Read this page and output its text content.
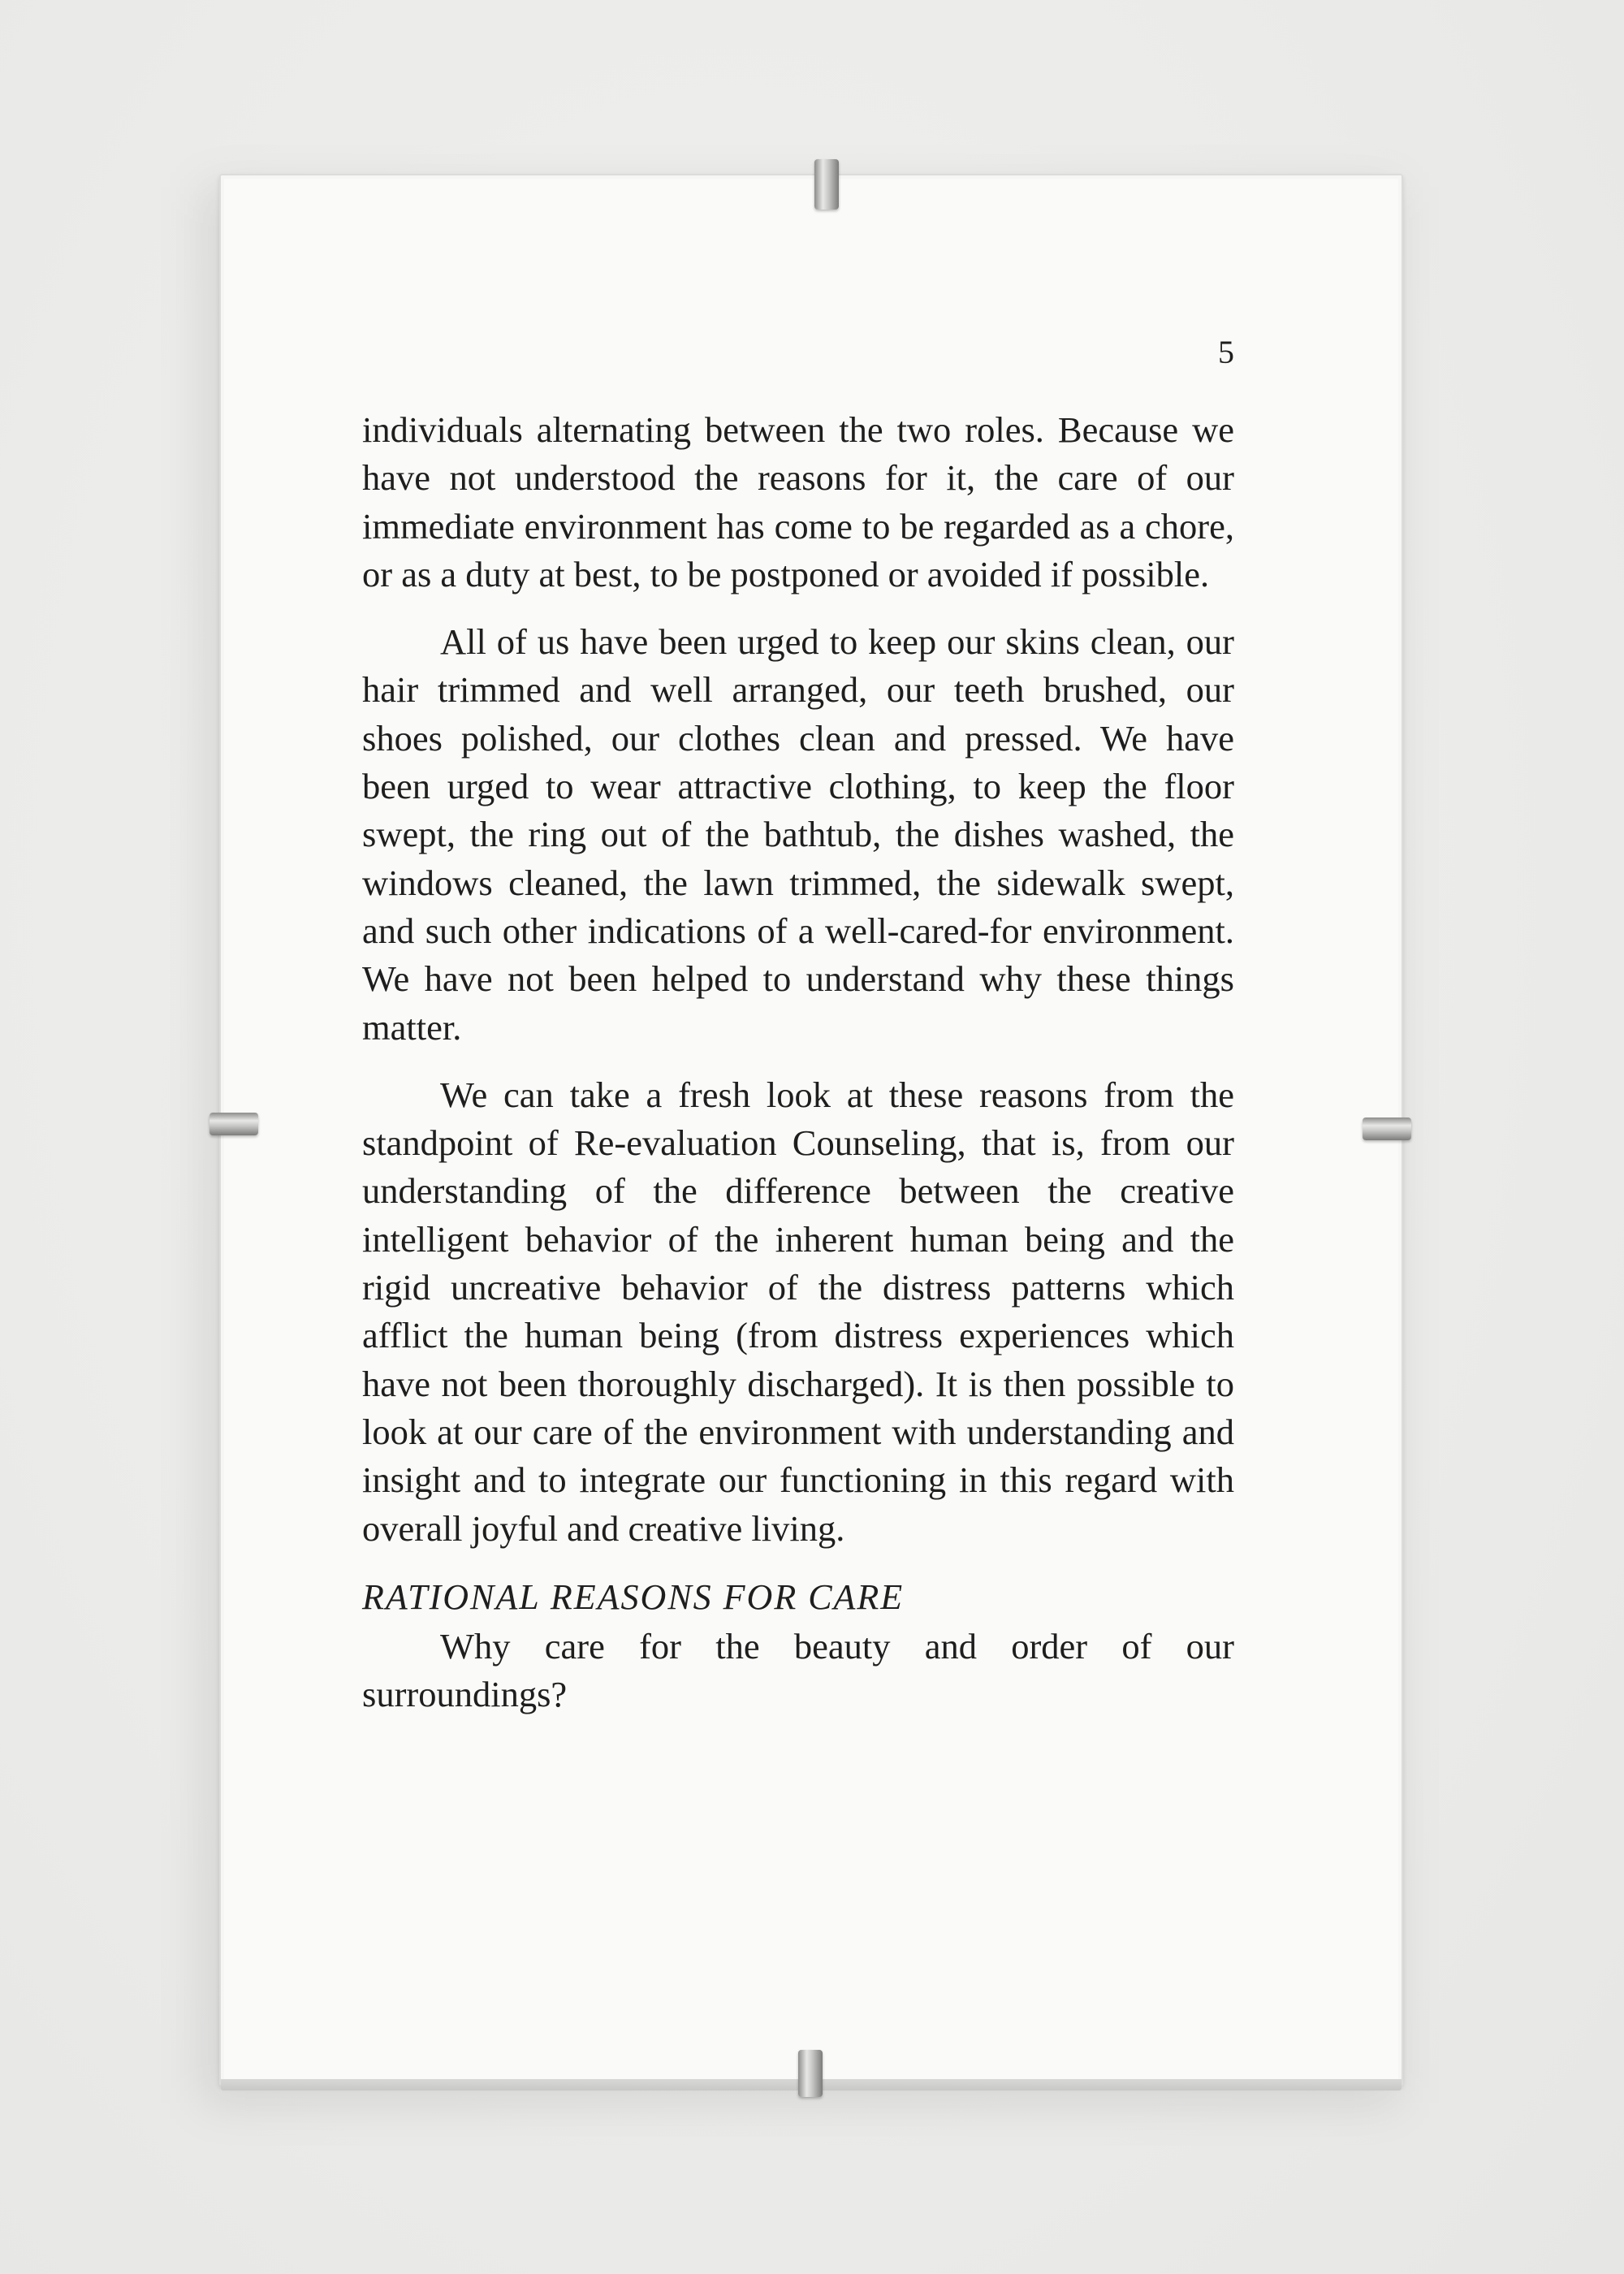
5

individuals alternating between the two roles. Because we have not understood the reasons for it, the care of our immediate environment has come to be regarded as a chore, or as a duty at best, to be postponed or avoided if possible.

All of us have been urged to keep our skins clean, our hair trimmed and well arranged, our teeth brushed, our shoes polished, our clothes clean and pressed. We have been urged to wear attractive clothing, to keep the floor swept, the ring out of the bathtub, the dishes washed, the windows cleaned, the lawn trimmed, the sidewalk swept, and such other indications of a well-cared-for environment. We have not been helped to understand why these things matter.

We can take a fresh look at these reasons from the standpoint of Re-evaluation Counseling, that is, from our understanding of the difference between the creative intelligent behavior of the inherent human being and the rigid uncreative behavior of the distress patterns which afflict the human being (from distress experiences which have not been thoroughly discharged). It is then possible to look at our care of the environment with understanding and insight and to integrate our functioning in this regard with overall joyful and creative living.

RATIONAL REASONS FOR CARE

Why care for the beauty and order of our surroundings?
